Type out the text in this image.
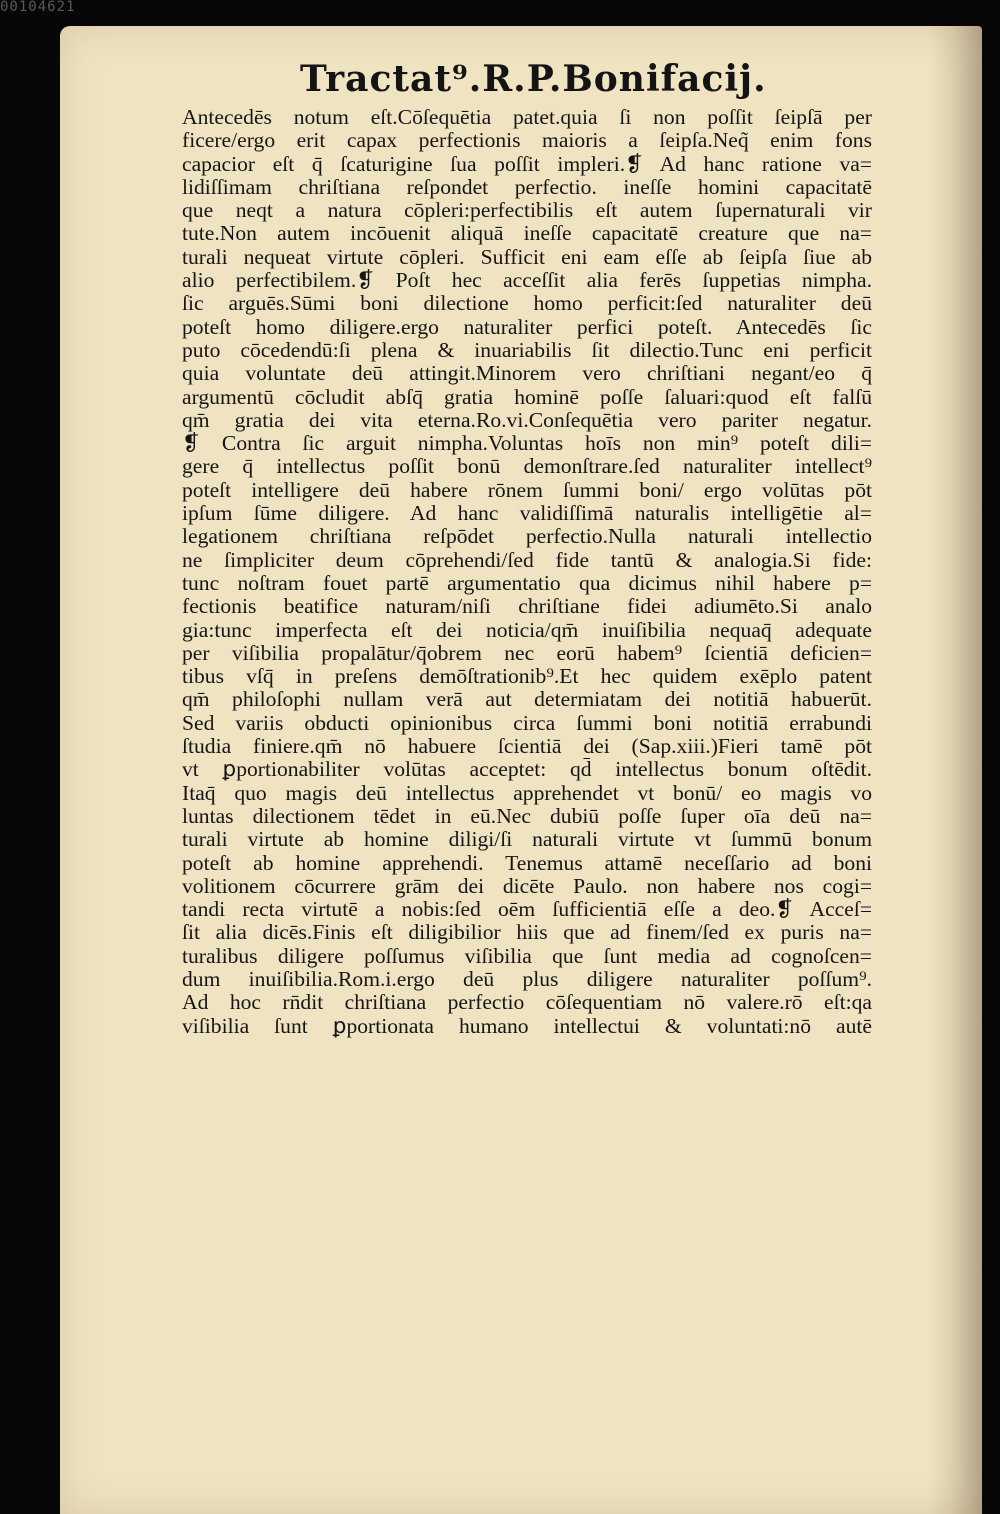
00104621
Tractat⁹.R.P.Bonifacij.
Antecedēs notum eſt.Cōſequētia patet.quia ſi non poſſit ſeipſā per
ficere/ergo erit capax perfectionis maioris a ſeipſa.Neq̃ enim fons
capacior eſt q̄ ſcaturigine ſua poſſit impleri.❡ Ad hanc ratione va=
lidiſſimam chriſtiana reſpondet perfectio. ineſſe homini capacitatē
que neqt a natura cōpleri:perfectibilis eſt autem ſupernaturali vir
tute.Non autem incōuenit aliquā ineſſe capacitatē creature que na=
turali nequeat virtute cōpleri. Sufficit eni eam eſſe ab ſeipſa ſiue ab
alio perfectibilem.❡ Poſt hec acceſſit alia ferēs ſuppetias nimpha.
ſic arguēs.Sūmi boni dilectione homo perficit:ſed naturaliter deū
poteſt homo diligere.ergo naturaliter perfici poteſt. Antecedēs ſic
puto cōcedendū:ſi plena & inuariabilis ſit dilectio.Tunc eni perficit
quia voluntate deū attingit.Minorem vero chriſtiani negant/eo q̄
argumentū cōcludit abſq̄ gratia hominē poſſe ſaluari:quod eſt falſū
qm̄ gratia dei vita eterna.Ro.vi.Conſequētia vero pariter negatur.
❡ Contra ſic arguit nimpha.Voluntas hoīs non min⁹ poteſt dili=
gere q̄ intellectus poſſit bonū demonſtrare.ſed naturaliter intellect⁹
poteſt intelligere deū habere rōnem ſummi boni/ ergo volūtas pōt
ipſum ſūme diligere. Ad hanc validiſſimā naturalis intelligētie al=
legationem chriſtiana reſpōdet perfectio.Nulla naturali intellectio
ne ſimpliciter deum cōprehendi/ſed fide tantū & analogia.Si fide:
tunc noſtram fouet partē argumentatio qua dicimus nihil habere p=
fectionis beatifice naturam/niſi chriſtiane fidei adiumēto.Si analo
gia:tunc imperfecta eſt dei noticia/qm̄ inuiſibilia nequaq̄ adequate
per viſibilia propalātur/q̄obrem nec eorū habem⁹ ſcientiā deficien=
tibus vſq̄ in preſens demōſtrationib⁹.Et hec quidem exēplo patent
qm̄ philoſophi nullam verā aut determiatam dei notitiā habuerūt.
Sed variis obducti opinionibus circa ſummi boni notitiā errabundi
ſtudia finiere.qm̄ nō habuere ſcientiā dei (Sap.xiii.)Fieri tamē pōt
vt ꝑportionabiliter volūtas acceptet: qd̄ intellectus bonum oſtēdit.
Itaq̄ quo magis deū intellectus apprehendet vt bonū/ eo magis vo
luntas dilectionem tēdet in eū.Nec dubiū poſſe ſuper oīa deū na=
turali virtute ab homine diligi/ſi naturali virtute vt ſummū bonum
poteſt ab homine apprehendi. Tenemus attamē neceſſario ad boni
volitionem cōcurrere grām dei dicēte Paulo. non habere nos cogi=
tandi recta virtutē a nobis:ſed oēm ſufficientiā eſſe a deo.❡ Acceſ=
ſit alia dicēs.Finis eſt diligibilior hiis que ad finem/ſed ex puris na=
turalibus diligere poſſumus viſibilia que ſunt media ad cognoſcen=
dum inuiſibilia.Rom.i.ergo deū plus diligere naturaliter poſſum⁹.
Ad hoc rn̄dit chriſtiana perfectio cōſequentiam nō valere.rō eſt:qa
viſibilia ſunt ꝑportionata humano intellectui & voluntati:nō autē
